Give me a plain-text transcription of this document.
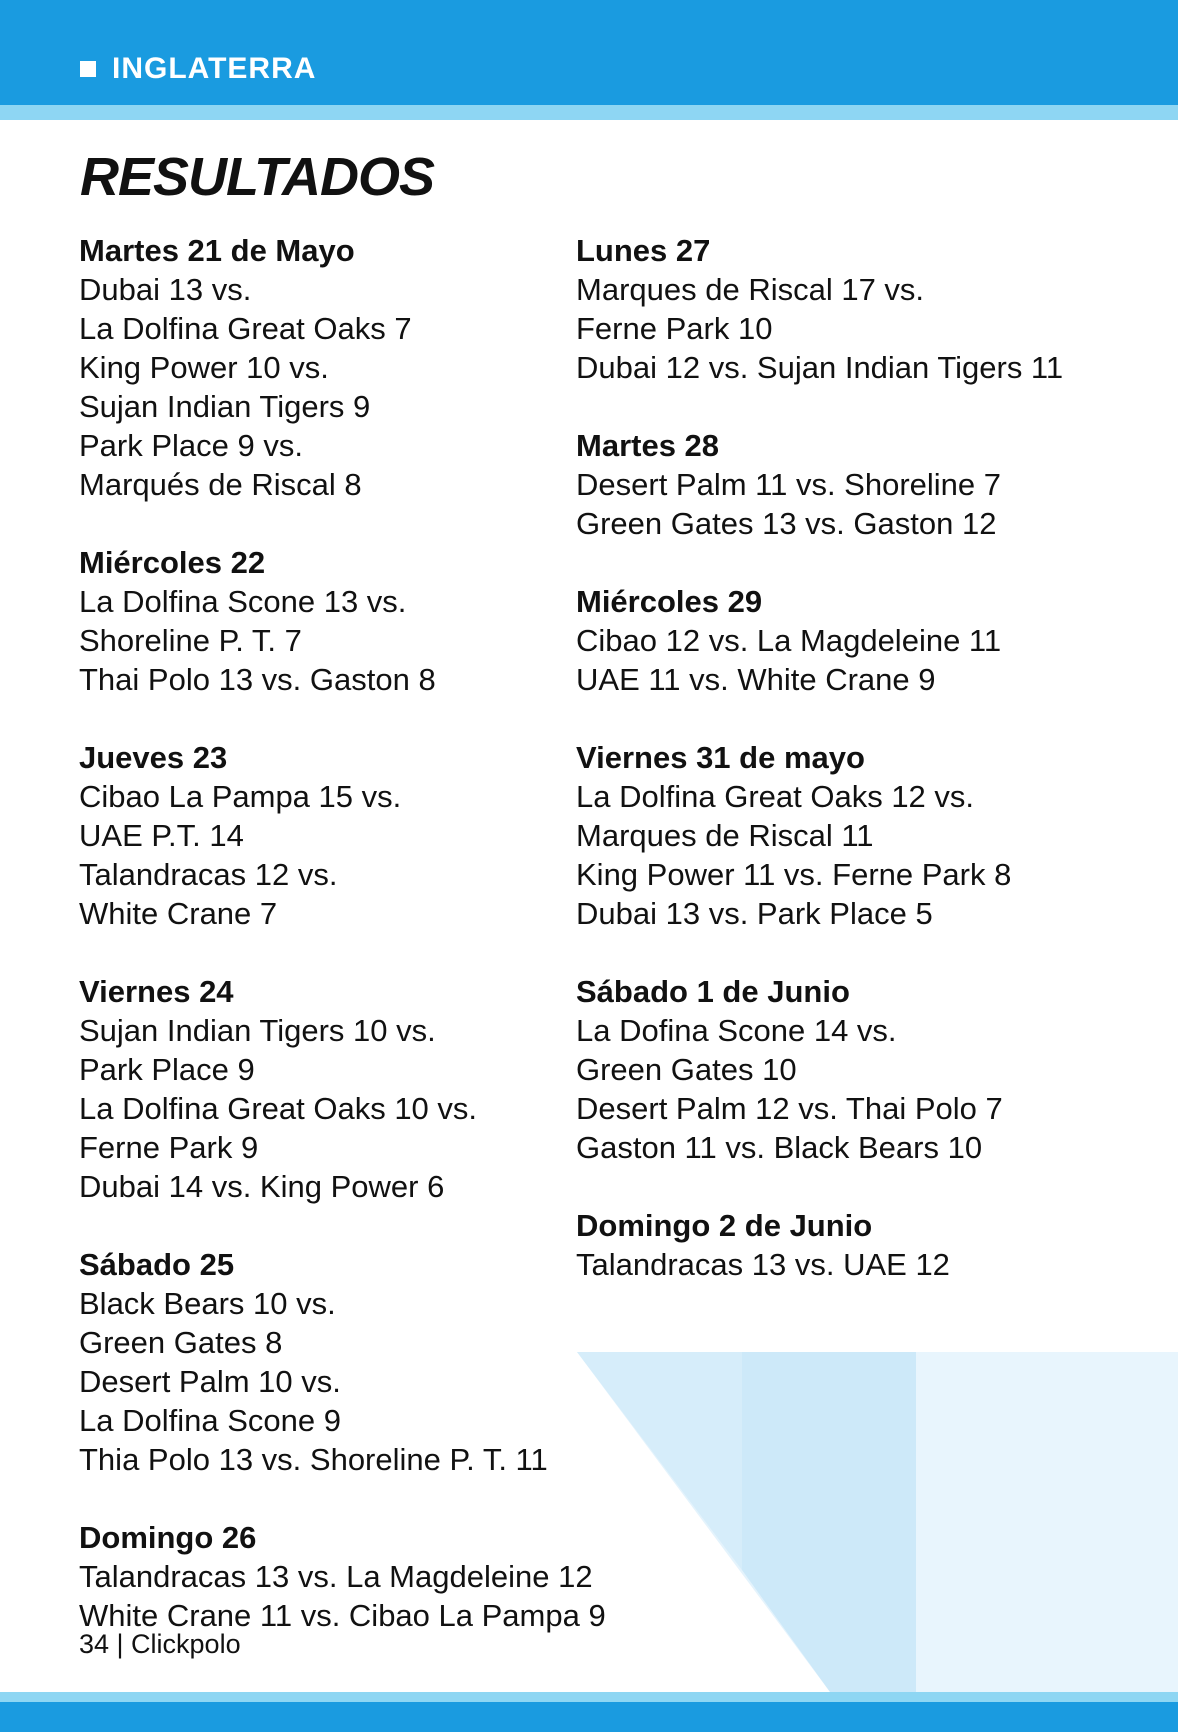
INGLATERRA
RESULTADOS
Martes 21 de Mayo
Dubai 13 vs.
La Dolfina Great Oaks 7
King Power 10 vs.
Sujan Indian Tigers 9
Park Place 9 vs.
Marqués de Riscal 8
Miércoles 22
La Dolfina Scone 13 vs.
Shoreline P. T. 7
Thai Polo 13 vs. Gaston 8
Jueves 23
Cibao La Pampa 15 vs.
UAE P.T. 14
Talandracas 12 vs.
White Crane 7
Viernes 24
Sujan Indian Tigers 10 vs.
Park Place 9
La Dolfina Great Oaks 10 vs.
Ferne Park 9
Dubai 14 vs. King Power 6
Sábado 25
Black Bears 10 vs.
Green Gates 8
Desert Palm 10 vs.
La Dolfina Scone 9
Thia Polo 13 vs. Shoreline P. T. 11
Domingo 26
Talandracas 13 vs. La Magdeleine 12
White Crane 11 vs. Cibao La Pampa 9
Lunes 27
Marques de Riscal 17 vs.
Ferne Park 10
Dubai 12 vs. Sujan Indian Tigers 11
Martes 28
Desert Palm 11 vs. Shoreline 7
Green Gates 13 vs. Gaston 12
Miércoles 29
Cibao 12 vs. La Magdeleine 11
UAE 11 vs. White Crane 9
Viernes 31 de mayo
La Dolfina Great Oaks 12 vs.
Marques de Riscal 11
King Power 11 vs. Ferne Park 8
Dubai 13 vs. Park Place 5
Sábado 1 de Junio
La Dofina Scone 14 vs.
Green Gates 10
Desert Palm 12 vs. Thai Polo 7
Gaston 11 vs. Black Bears 10
Domingo 2 de Junio
Talandracas 13 vs. UAE 12
34 | Clickpolo
